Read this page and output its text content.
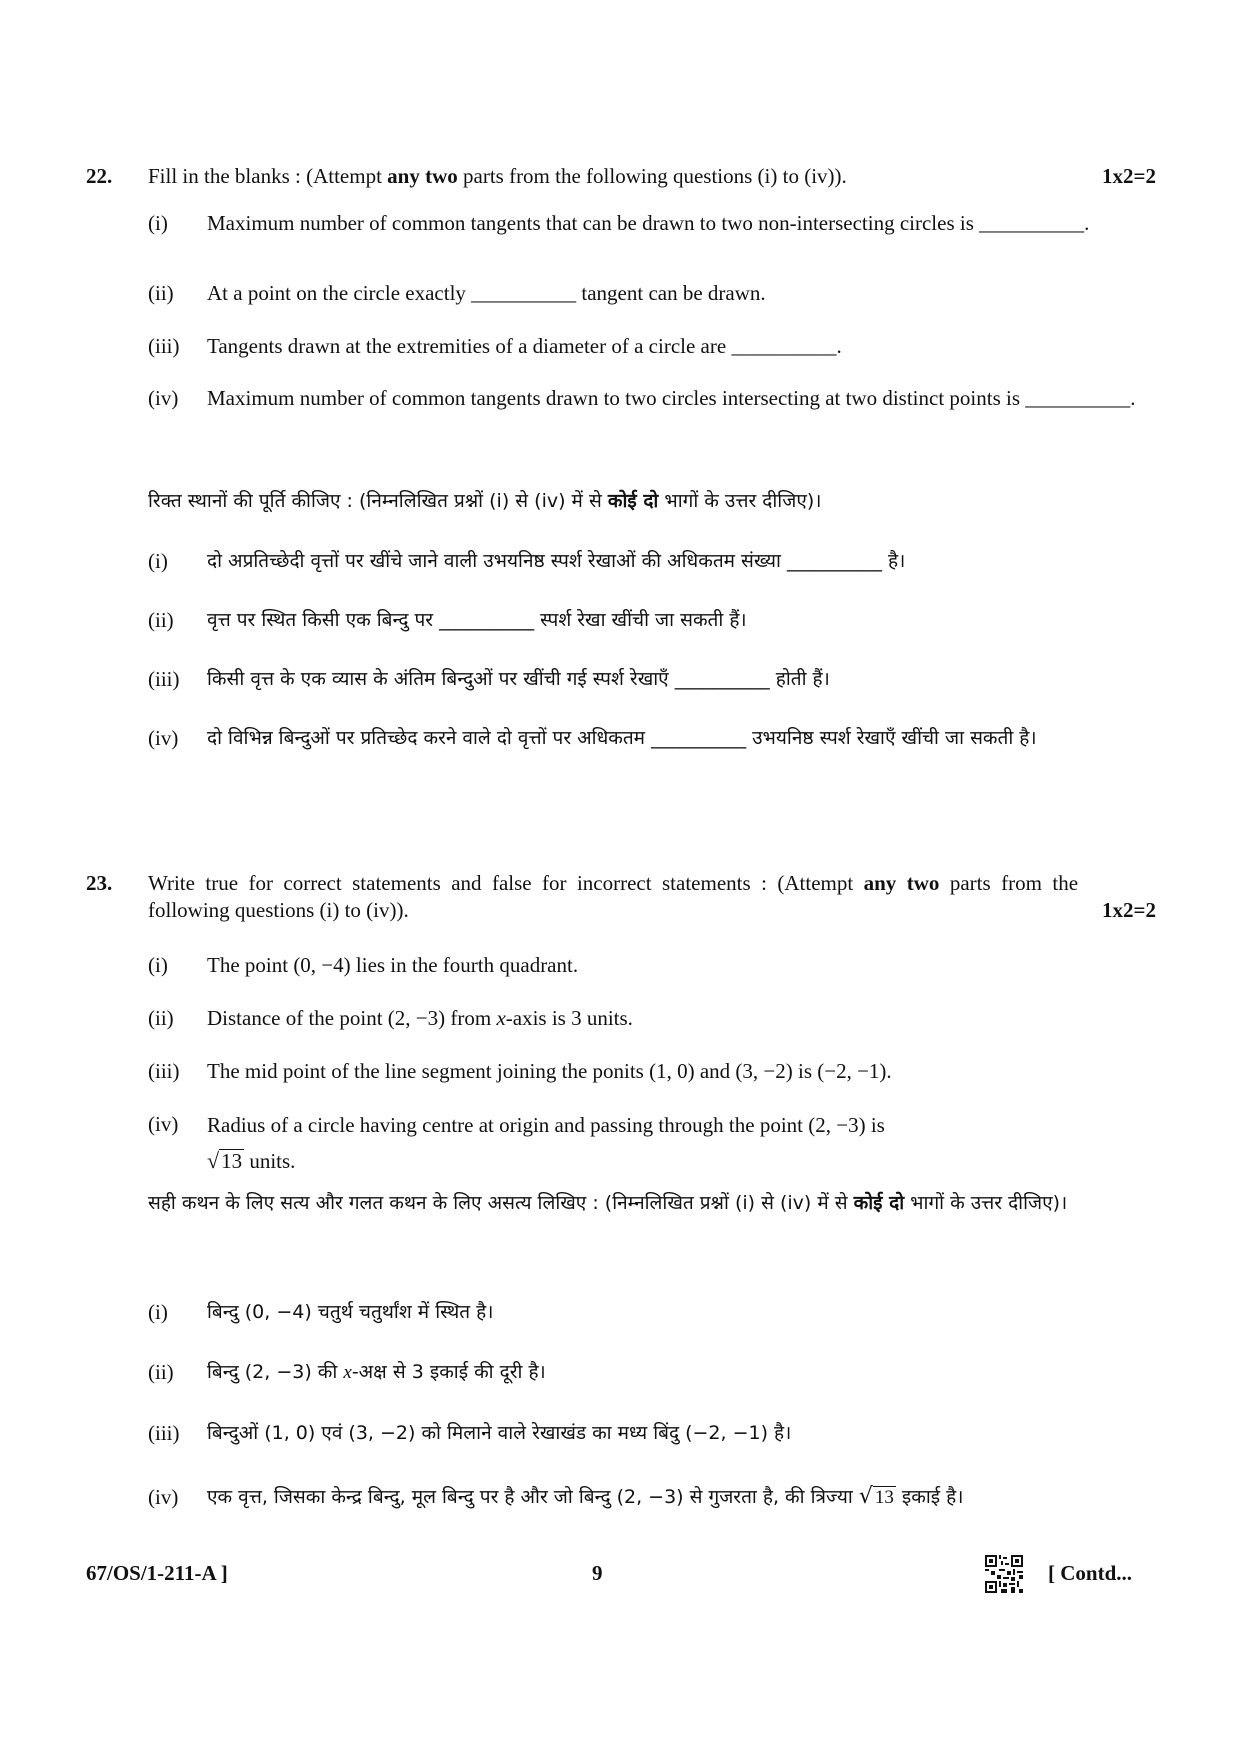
22. Fill in the blanks : (Attempt any two parts from the following questions (i) to (iv)).	1x2=2
(i) Maximum number of common tangents that can be drawn to two non-intersecting circles is __________.
(ii) At a point on the circle exactly __________ tangent can be drawn.
(iii) Tangents drawn at the extremities of a diameter of a circle are __________.
(iv) Maximum number of common tangents drawn to two circles intersecting at two distinct points is __________.
रिक्त स्थानों की पूर्ति कीजिए : (निम्नलिखित प्रश्नों (i) से (iv) में से कोई दो भागों के उत्तर दीजिए)।
(i) दो अप्रतिच्छेदी वृत्तों पर खींचे जाने वाली उभयनिष्ठ स्पर्श रेखाओं की अधिकतम संख्या __________ है।
(ii) वृत्त पर स्थित किसी एक बिन्दु पर __________ स्पर्श रेखा खींची जा सकती हैं।
(iii) किसी वृत्त के एक व्यास के अंतिम बिन्दुओं पर खींची गई स्पर्श रेखाएँ __________ होती हैं।
(iv) दो विभिन्न बिन्दुओं पर प्रतिच्छेद करने वाले दो वृत्तों पर अधिकतम __________ उभयनिष्ठ स्पर्श रेखाएँ खींची जा सकती है।
23. Write true for correct statements and false for incorrect statements : (Attempt any two parts from the following questions (i) to (iv)).	1x2=2
(i) The point (0, −4) lies in the fourth quadrant.
(ii) Distance of the point (2, −3) from x-axis is 3 units.
(iii) The mid point of the line segment joining the ponits (1, 0) and (3, −2) is (−2, −1).
(iv) Radius of a circle having centre at origin and passing through the point (2, −3) is
√13 units.
सही कथन के लिए सत्य और गलत कथन के लिए असत्य लिखिए : (निम्नलिखित प्रश्नों (i) से (iv) में से कोई दो भागों के उत्तर दीजिए)।
(i) बिन्दु (0, −4) चतुर्थ चतुर्थांश में स्थित है।
(ii) बिन्दु (2, −3) की x-अक्ष से 3 इकाई की दूरी है।
(iii) बिन्दुओं (1, 0) एवं (3, −2) को मिलाने वाले रेखाखंड का मध्य बिंदु (−2, −1) है।
(iv) एक वृत्त, जिसका केन्द्र बिन्दु, मूल बिन्दु पर है और जो बिन्दु (2, −3) से गुजरता है, की त्रिज्या √ 13 इकाई है।
67/OS/1-211-A ]	9	[ Contd...
